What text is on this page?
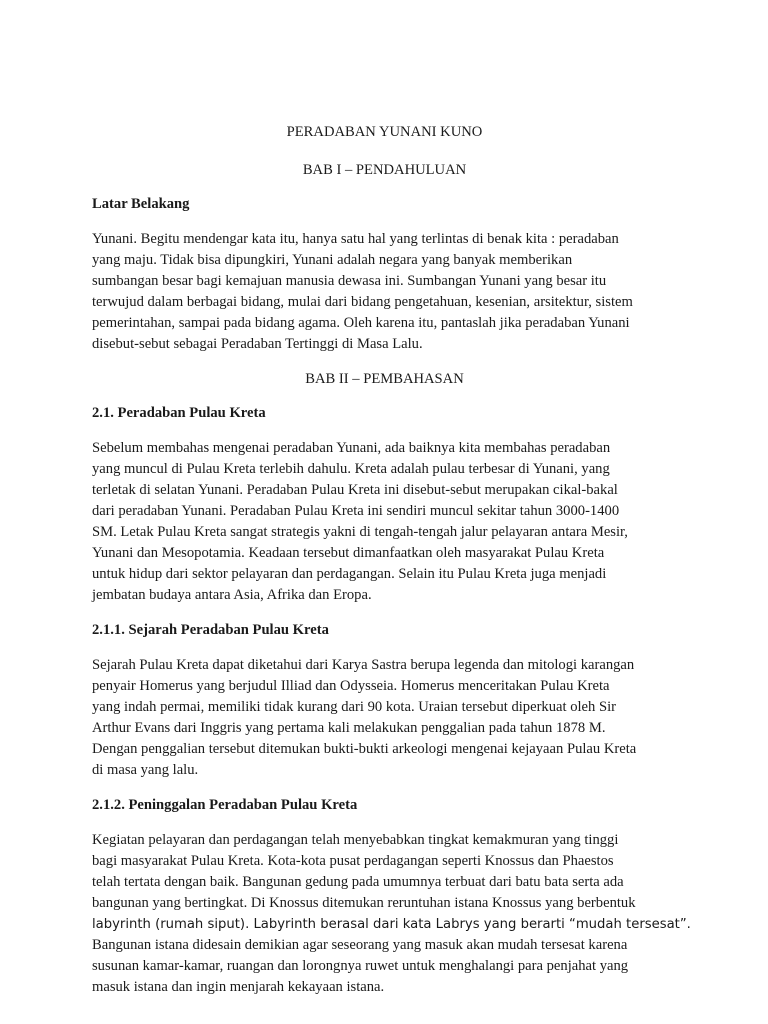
PERADABAN YUNANI KUNO

BAB I – PENDAHULUAN

Latar Belakang

Yunani. Begitu mendengar kata itu, hanya satu hal yang terlintas di benak kita : peradaban
yang maju. Tidak bisa dipungkiri, Yunani adalah negara yang banyak memberikan
sumbangan besar bagi kemajuan manusia dewasa ini. Sumbangan Yunani yang besar itu
terwujud dalam berbagai bidang, mulai dari bidang pengetahuan, kesenian, arsitektur, sistem
pemerintahan, sampai pada bidang agama. Oleh karena itu, pantaslah jika peradaban Yunani
disebut-sebut sebagai Peradaban Tertinggi di Masa Lalu.

BAB II – PEMBAHASAN

2.1. Peradaban Pulau Kreta

Sebelum membahas mengenai peradaban Yunani, ada baiknya kita membahas peradaban
yang muncul di Pulau Kreta terlebih dahulu. Kreta adalah pulau terbesar di Yunani, yang
terletak di selatan Yunani. Peradaban Pulau Kreta ini disebut-sebut merupakan cikal-bakal
dari peradaban Yunani. Peradaban Pulau Kreta ini sendiri muncul sekitar tahun 3000-1400
SM. Letak Pulau Kreta sangat strategis yakni di tengah-tengah jalur pelayaran antara Mesir,
Yunani dan Mesopotamia. Keadaan tersebut dimanfaatkan oleh masyarakat Pulau Kreta
untuk hidup dari sektor pelayaran dan perdagangan. Selain itu Pulau Kreta juga menjadi
jembatan budaya antara Asia, Afrika dan Eropa.

2.1.1. Sejarah Peradaban Pulau Kreta

Sejarah Pulau Kreta dapat diketahui dari Karya Sastra berupa legenda dan mitologi karangan
penyair Homerus yang berjudul Illiad dan Odysseia. Homerus menceritakan Pulau Kreta
yang indah permai, memiliki tidak kurang dari 90 kota. Uraian tersebut diperkuat oleh Sir
Arthur Evans dari Inggris yang pertama kali melakukan penggalian pada tahun 1878 M.
Dengan penggalian tersebut ditemukan bukti-bukti arkeologi mengenai kejayaan Pulau Kreta
di masa yang lalu.

2.1.2. Peninggalan Peradaban Pulau Kreta

Kegiatan pelayaran dan perdagangan telah menyebabkan tingkat kemakmuran yang tinggi
bagi masyarakat Pulau Kreta. Kota-kota pusat perdagangan seperti Knossus dan Phaestos
telah tertata dengan baik. Bangunan gedung pada umumnya terbuat dari batu bata serta ada
bangunan yang bertingkat. Di Knossus ditemukan reruntuhan istana Knossus yang berbentuk
labyrinth (rumah siput). Labyrinth berasal dari kata Labrys yang berarti “mudah tersesat”.
Bangunan istana didesain demikian agar seseorang yang masuk akan mudah tersesat karena
susunan kamar-kamar, ruangan dan lorongnya ruwet untuk menghalangi para penjahat yang
masuk istana dan ingin menjarah kekayaan istana.
